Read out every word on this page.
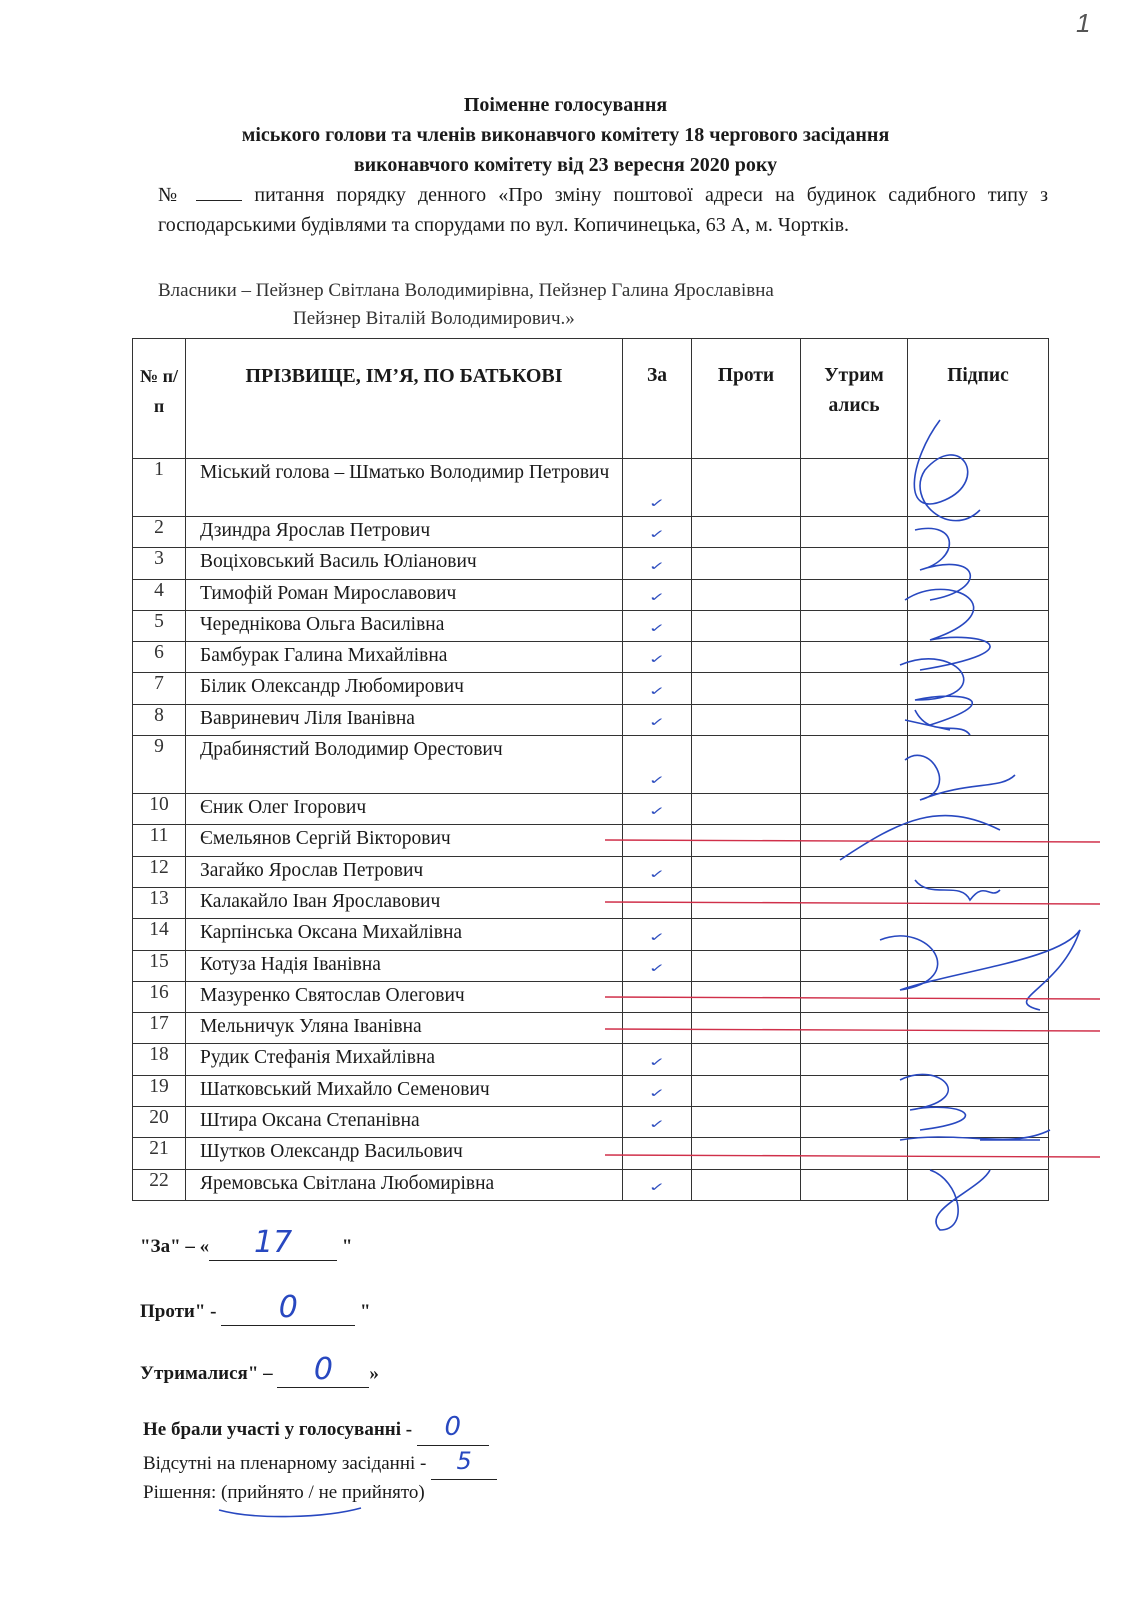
1
Поіменне голосування
міського голови та членів виконавчого комітету 18 чергового засідання
виконавчого комітету від 23 вересня 2020 року
№	питання порядку денного «Про зміну поштової адреси на будинок садибного типу з господарськими будівлями та спорудами по вул. Копичинецька, 63 А, м. Чортків.
Власники – Пейзнер Світлана Володимирівна, Пейзнер Галина Ярославівна
Пейзнер Віталій Володимирович.»
№ п/ п	ПРІЗВИЩЕ, ІМ’Я, ПО БАТЬКОВІ	За	Проти	Утрим ались	Підпис
1	Міський голова – Шматько Володимир Петрович	✓			
2	Дзиндра Ярослав Петрович	✓			
3	Воціховський Василь Юліанович	✓			
4	Тимофій Роман Мирославович	✓			
5	Череднікова Ольга Василівна	✓			
6	Бамбурак Галина Михайлівна	✓			
7	Білик Олександр Любомирович	✓			
8	Вавриневич Ліля Іванівна	✓			
9	Драбинястий Володимир Орестович	✓			
10	Єник Олег Ігорович	✓			
11	Ємельянов Сергій Вікторович				
12	Загайко Ярослав Петрович	✓			
13	Калакайло Іван Ярославович				
14	Карпінська Оксана Михайлівна	✓			
15	Котуза Надія Іванівна	✓			
16	Мазуренко Святослав Олегович				
17	Мельничук Уляна Іванівна				
18	Рудик Стефанія Михайлівна	✓			
19	Шатковський Михайло Семенович	✓			
20	Штира Оксана Степанівна	✓			
21	Шутков Олександр Васильович				
22	Яремовська Світлана Любомирівна	✓			
"За" – « 17	"
Проти" - 0	"
Утрималися" – 0 »
Не брали участі у голосуванні - 0
Відсутні на пленарному засіданні - 5
Рішення: (прийнято / не прийнято)
